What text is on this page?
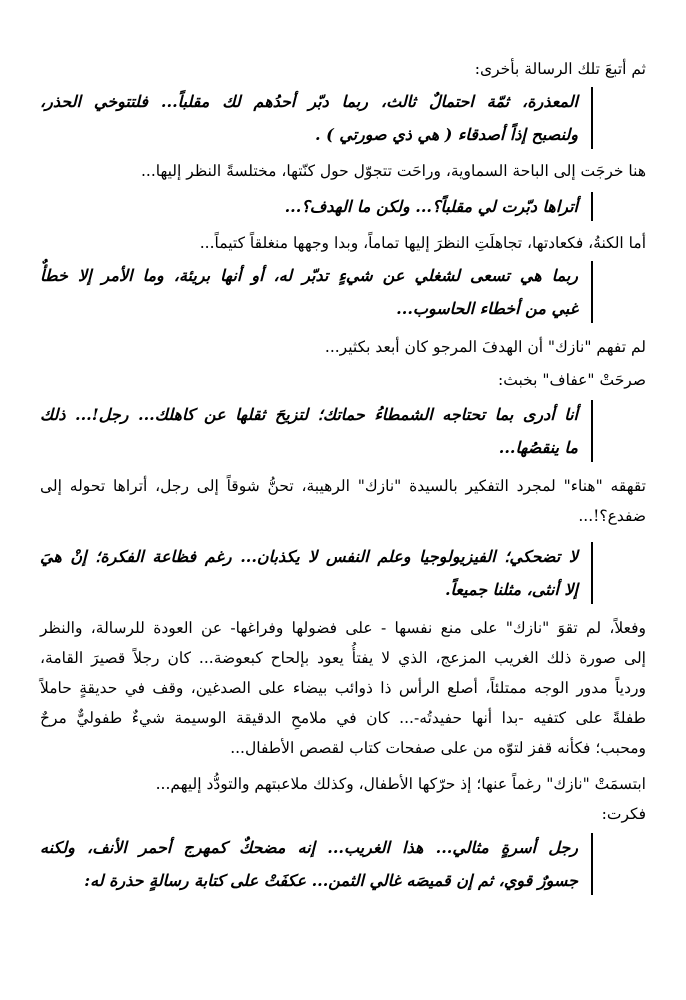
ثم أتبعَ تلك الرسالة بأخرى:
المعذرة، ثمّة احتمالٌ ثالث، ربما دبّر أحدُهم لك مقلباً... فلتتوخي الحذر،
ولنصبح إذاً أصدقاء ( هي ذي صورتي ) .
هنا خرجَت إلى الباحة السماوية، وراحَت تتجوّل حول كنّتها، مختلسةً النظر إليها...
أتراها دبّرت لي مقلباً؟... ولكن ما الهدف؟...
أما الكنةُ، فكعادتها، تجاهلَتِ النظرَ إليها تماماً، وبدا وجهها منغلقاً كتيماً...
ربما هي تسعى لشغلي عن شيءٍ تدبّر له، أو أنها بريئة، وما الأمر إلا خطأٌ
غبي من أخطاء الحاسوب...
لم تفهم "نازك" أن الهدفَ المرجو كان أبعد بكثير...
صرحَتْ "عفاف" بخبث:
أنا أدرى بما تحتاجه الشمطاءُ حماتك؛ لتزيحَ ثقلها عن كاهلك... رجل!... ذلك
ما ينقصُها...
تقهقه "هناء" لمجرد التفكير بالسيدة "نازك" الرهيبة، تحنُّ شوقاً إلى رجل، أتراها تحوله إلى
ضفدع؟!...
لا تضحكي؛ الفيزيولوجيا وعلم النفس لا يكذبان... رغم فظاعة الفكرة؛ إنْ هيَ
إلا أنثى، مثلنا جميعاً.
وفعلاً، لم تقوَ "نازك" على منع نفسها - على فضولها وفراغها- عن العودة للرسالة، والنظر
إلى صورة ذلك الغريب المزعج، الذي لا يفتأُ يعود بإلحاح كبعوضة... كان رجلاً قصيرَ القامة،
وردياً مدور الوجه ممتلئاً، أصلع الرأس ذا ذوائب بيضاء على الصدغين، وقف في حديقةٍ حاملاً
طفلةً على كتفيه -بدا أنها حفيدتُه-... كان في ملامحِ الدقيقة الوسيمة شيءٌ طفوليٌّ مرحٌ
ومحبب؛ فكأنه قفز لتوّه من على صفحات كتاب لقصص الأطفال...
ابتسمَتْ "نازك" رغماً عنها؛ إذ حرّكها الأطفال، وكذلك ملاعبتهم والتودُّد إليهم...
فكرت:
رجل أسرةٍ مثالي... هذا الغريب... إنه مضحكٌ كمهرج أحمر الأنف، ولكنه
جسورٌ قوي، ثم إن قميصَه غالي الثمن... عكفَتْ على كتابة رسالةٍ حذرة له:
